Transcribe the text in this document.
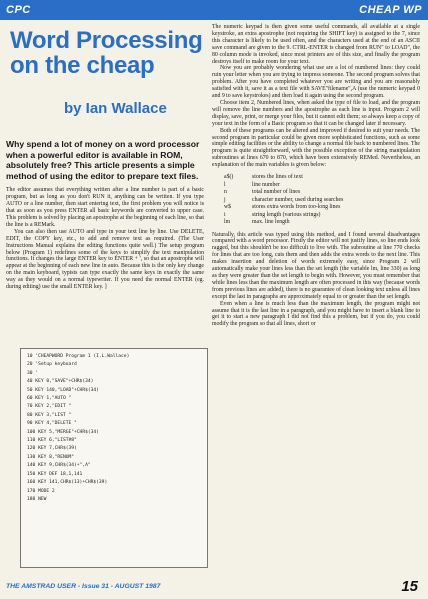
CPC	CHEAP WP
Word Processing
on the cheap
by Ian Wallace
Why spend a lot of money on a word processor when a powerful editor is available in ROM, absolutely free? This article presents a simple method of using the editor to prepare text files.

The editor assumes that everything written after a line number is part of a basic program, but as long as you don't RUN it, anything can be written. If you type AUTO or a line number, then start entering text, the first problem you will notice is that as soon as you press ENTER all basic keywords are converted to upper case. This problem is solved by placing an apostrophe at the beginning of each line, so that the line is a REMark.

You can also then use AUTO and type in your text line by line. Use DELETE, EDIT, the COPY key, etc., to add and remove text as required. (The User Instructions Manual explains the editing functions quite well.) The setup program below (Program 1) redefines some of the keys to simplify the text manipulation functions. It changes the large ENTER key to ENTER + ', so that an apostrophe will appear at the beginning of each new line in auto. Because this is the only key change on the main keyboard, typists can type exactly the same keys in exactly the same way as they would on a normal typewriter. If you need the normal ENTER (eg. during editing) use the small ENTER key. ]

10 'CHEAPWORD Program 1 (I.L.Wallace)
20 'Setup keyboard
30 '
40 KEY 0,"SAVE"+CHR$(34)
50 KEY 140,"LOAD"+CHR$(34)
60 KEY 1,"AUTO "
70 KEY 2,"EDIT "
80 KEY 3,"LIST "
90 KEY 4,"DELETE "
100 KEY 5,"MERGE"+CHR$(34)
110 KEY 6,"LIST#8"
120 KEY 7,CHR$(39)
130 KEY 8,"RENUM"
140 KEY 9,CHR$(34)+",A"
150 KEY DEF 18,1,141
160 KEY 141,CHR$(13)+CHR$(39)
170 MODE 2
180 NEW

The numeric keypad is then given some useful commands, all available at a single keystroke, an extra apostrophe (not requiring the SHIFT key) is assigned to the 7, since this character is likely to be used often, and the characters used at the end of an ASCII save command are given to the 9. CTRL-ENTER is changed from RUN" to LOAD", the 80 column mode is invoked, since most printers are of this size, and finally the program destroys itself to make room for your text.

Now you are probably wondering what use are a lot of numbered lines: they could ruin your letter when you are trying to impress someone. The second program solves that problem. After you have completed whatever you are writing and you are reasonably satisfied with it, save it as a text file with SAVE"filename",A (use the numeric keypad 0 and 9 to save keystrokes) and then load it again using the second program.

Choose item 2, Numbered lines, when asked the type of file to load, and the program will remove the line numbers and the apostrophe as each line is input. Program 2 will display, save, print, or merge your files, but it cannot edit them; so always keep a copy of your text in the form of a Basic program so that it can be changed later if necessary.

Both of these programs can be altered and improved if desired to suit your needs. The second program in particular could be given more sophisticated functions, such as some simple editing facilities or the ability to change a normal file back to numbered lines. The program is quite straightforward, with the possible exception of the string manipulation subroutines at lines 670 to 870, which have been extensively REMed. Nevertheless, an explanation of the main variables is given below:

a$()	stores the lines of text
l	line number
n	total number of lines
j	character number, used during searches
w$	stores extra words from too-long lines
i	string length (various strings)
lm	max. line length

Naturally, this article was typed using this method, and I found several disadvantages compared with a word processor. Firstly the editor will not justify lines, so line ends look ragged, but this shouldn't be too difficult to live with. The subroutine at line 770 checks for lines that are too long, cuts them and then adds the extra words to the next line. This makes insertion and deletion of words extremely easy, since Program 2 will automatically make your lines less than the set length (the variable lm, line 330) as long as they were greater than the set length to begin with. However, you must remember that while lines less than the maximum length are often processed in this way (because words from previous lines are added), there is no guarantee of clean looking text unless all lines except the last in paragraphs are approximately equal to or greater than the set length.

Even when a line is much less than the maximum length, the program might not assume that it is the last line in a paragraph, and you might have to insert a blank line to get it to start a new paragraph I did not find this a problem, but if you do, you could modify the program so that all lines, short or

THE AMSTRAD USER - Issue 31 - AUGUST 1987	15
